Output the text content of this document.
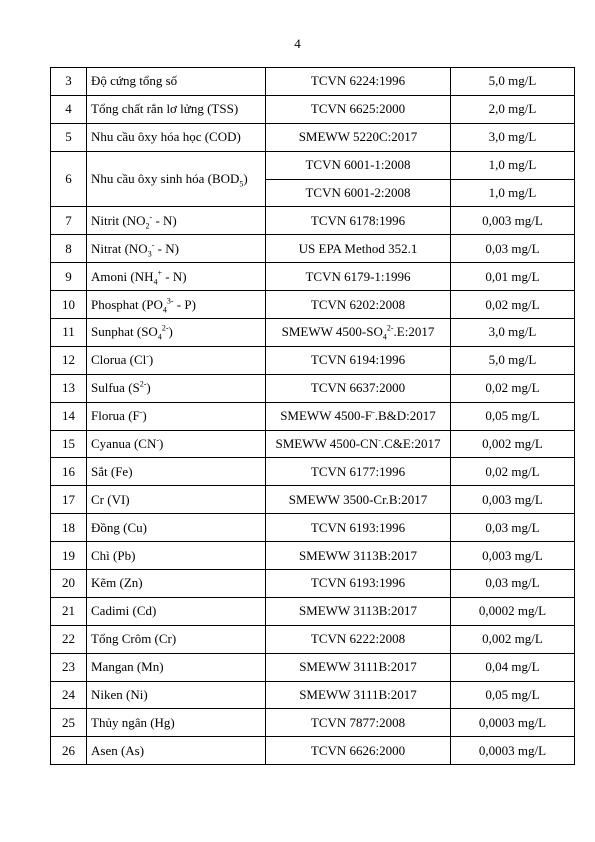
4
3	Độ cứng tổng số	TCVN 6224:1996	5,0 mg/L
4	Tổng chất rắn lơ lửng (TSS)	TCVN 6625:2000	2,0 mg/L
5	Nhu cầu ôxy hóa học (COD)	SMEWW 5220C:2017	3,0 mg/L
6	Nhu cầu ôxy sinh hóa $(BOD_5)$	TCVN 6001-1:2008	1,0 mg/L
		TCVN 6001-2:2008	1,0 mg/L
7	Nitrit $(NO_2^- - N)$	TCVN 6178:1996	0,003 mg/L
8	Nitrat $(NO_3^- - N)$	US EPA Method 352.1	0,03 mg/L
9	Amoni $(NH_4^+ - N)$	TCVN 6179-1:1996	0,01 mg/L
10	Phosphat $(PO_4^{3-} - P)$	TCVN 6202:2008	0,02 mg/L
11	Sunphat $(SO_4^{2-})$	SMEWW $4500-SO_4^{2-}.E:2017$	3,0 mg/L
12	Clorua (Cl-)	TCVN 6194:1996	5,0 mg/L
13	Sulfua $(S^{2-})$	TCVN 6637:2000	0,02 mg/L
14	Florua (F-)	SMEWW 4500-F-.B&D:2017	0,05 mg/L
15	Cyanua (CN-)	SMEWW 4500-CN-.C&E:2017	0,002 mg/L
16	Sắt (Fe)	TCVN 6177:1996	0,02 mg/L
17	Cr (VI)	SMEWW 3500-Cr.B:2017	0,003 mg/L
18	Đồng (Cu)	TCVN 6193:1996	0,03 mg/L
19	Chì (Pb)	SMEWW 3113B:2017	0,003 mg/L
20	Kẽm (Zn)	TCVN 6193:1996	0,03 mg/L
21	Cadimi (Cd)	SMEWW 3113B:2017	0,0002 mg/L
22	Tổng Crôm (Cr)	TCVN 6222:2008	0,002 mg/L
23	Mangan (Mn)	SMEWW 3111B:2017	0,04 mg/L
24	Niken (Ni)	SMEWW 3111B:2017	0,05 mg/L
25	Thủy ngân (Hg)	TCVN 7877:2008	0,0003 mg/L
26	Asen (As)	TCVN 6626:2000	0,0003 mg/L
